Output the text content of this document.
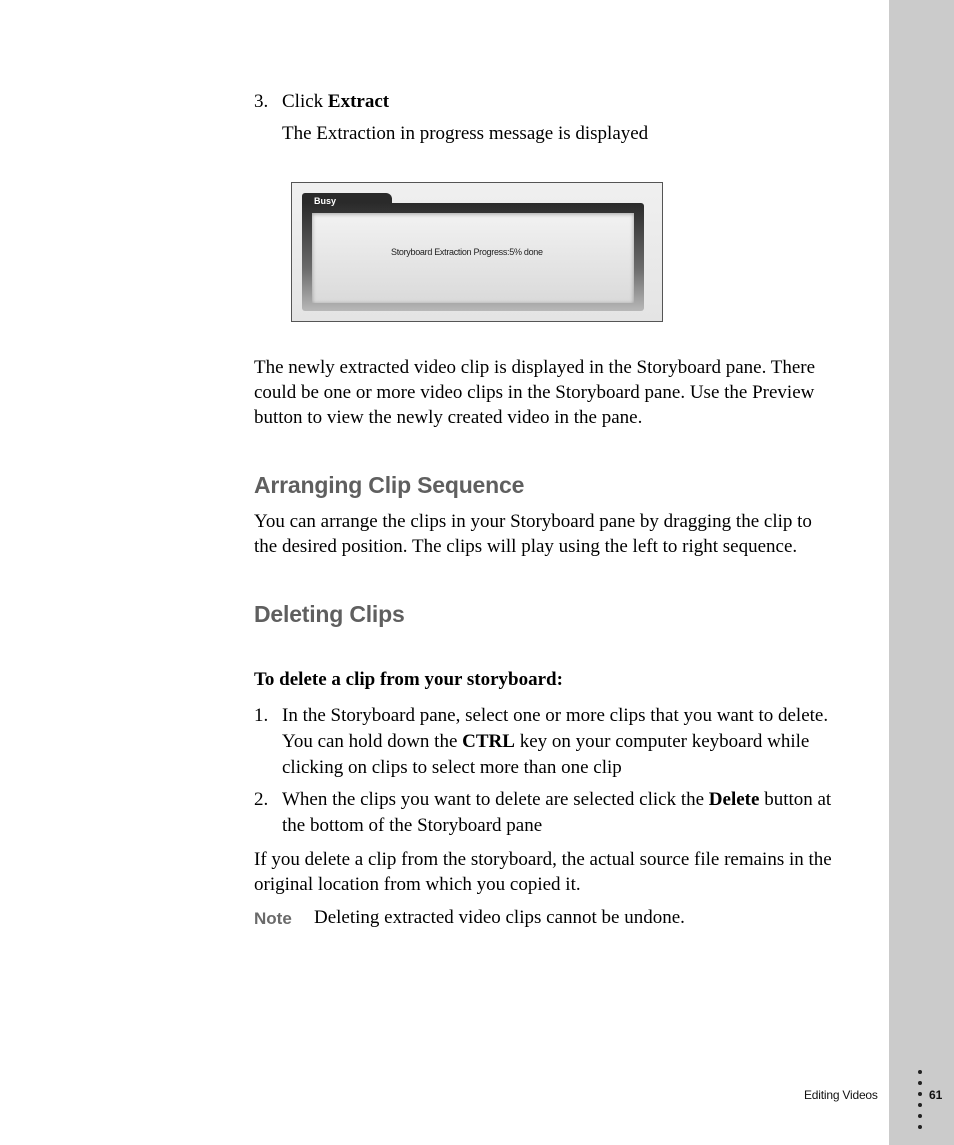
3. Click Extract
The Extraction in progress message is displayed
Busy
Storyboard Extraction Progress:5% done
The newly extracted video clip is displayed in the Storyboard pane. There
could be one or more video clips in the Storyboard pane. Use the Preview
button to view the newly created video in the pane.
Arranging Clip Sequence
You can arrange the clips in your Storyboard pane by dragging the clip to
the desired position. The clips will play using the left to right sequence.
Deleting Clips
To delete a clip from your storyboard:
1. In the Storyboard pane, select one or more clips that you want to delete.
You can hold down the CTRL key on your computer keyboard while
clicking on clips to select more than one clip
2. When the clips you want to delete are selected click the Delete button at
the bottom of the Storyboard pane
If you delete a clip from the storyboard, the actual source file remains in the
original location from which you copied it.
Note Deleting extracted video clips cannot be undone.
Editing Videos	61
